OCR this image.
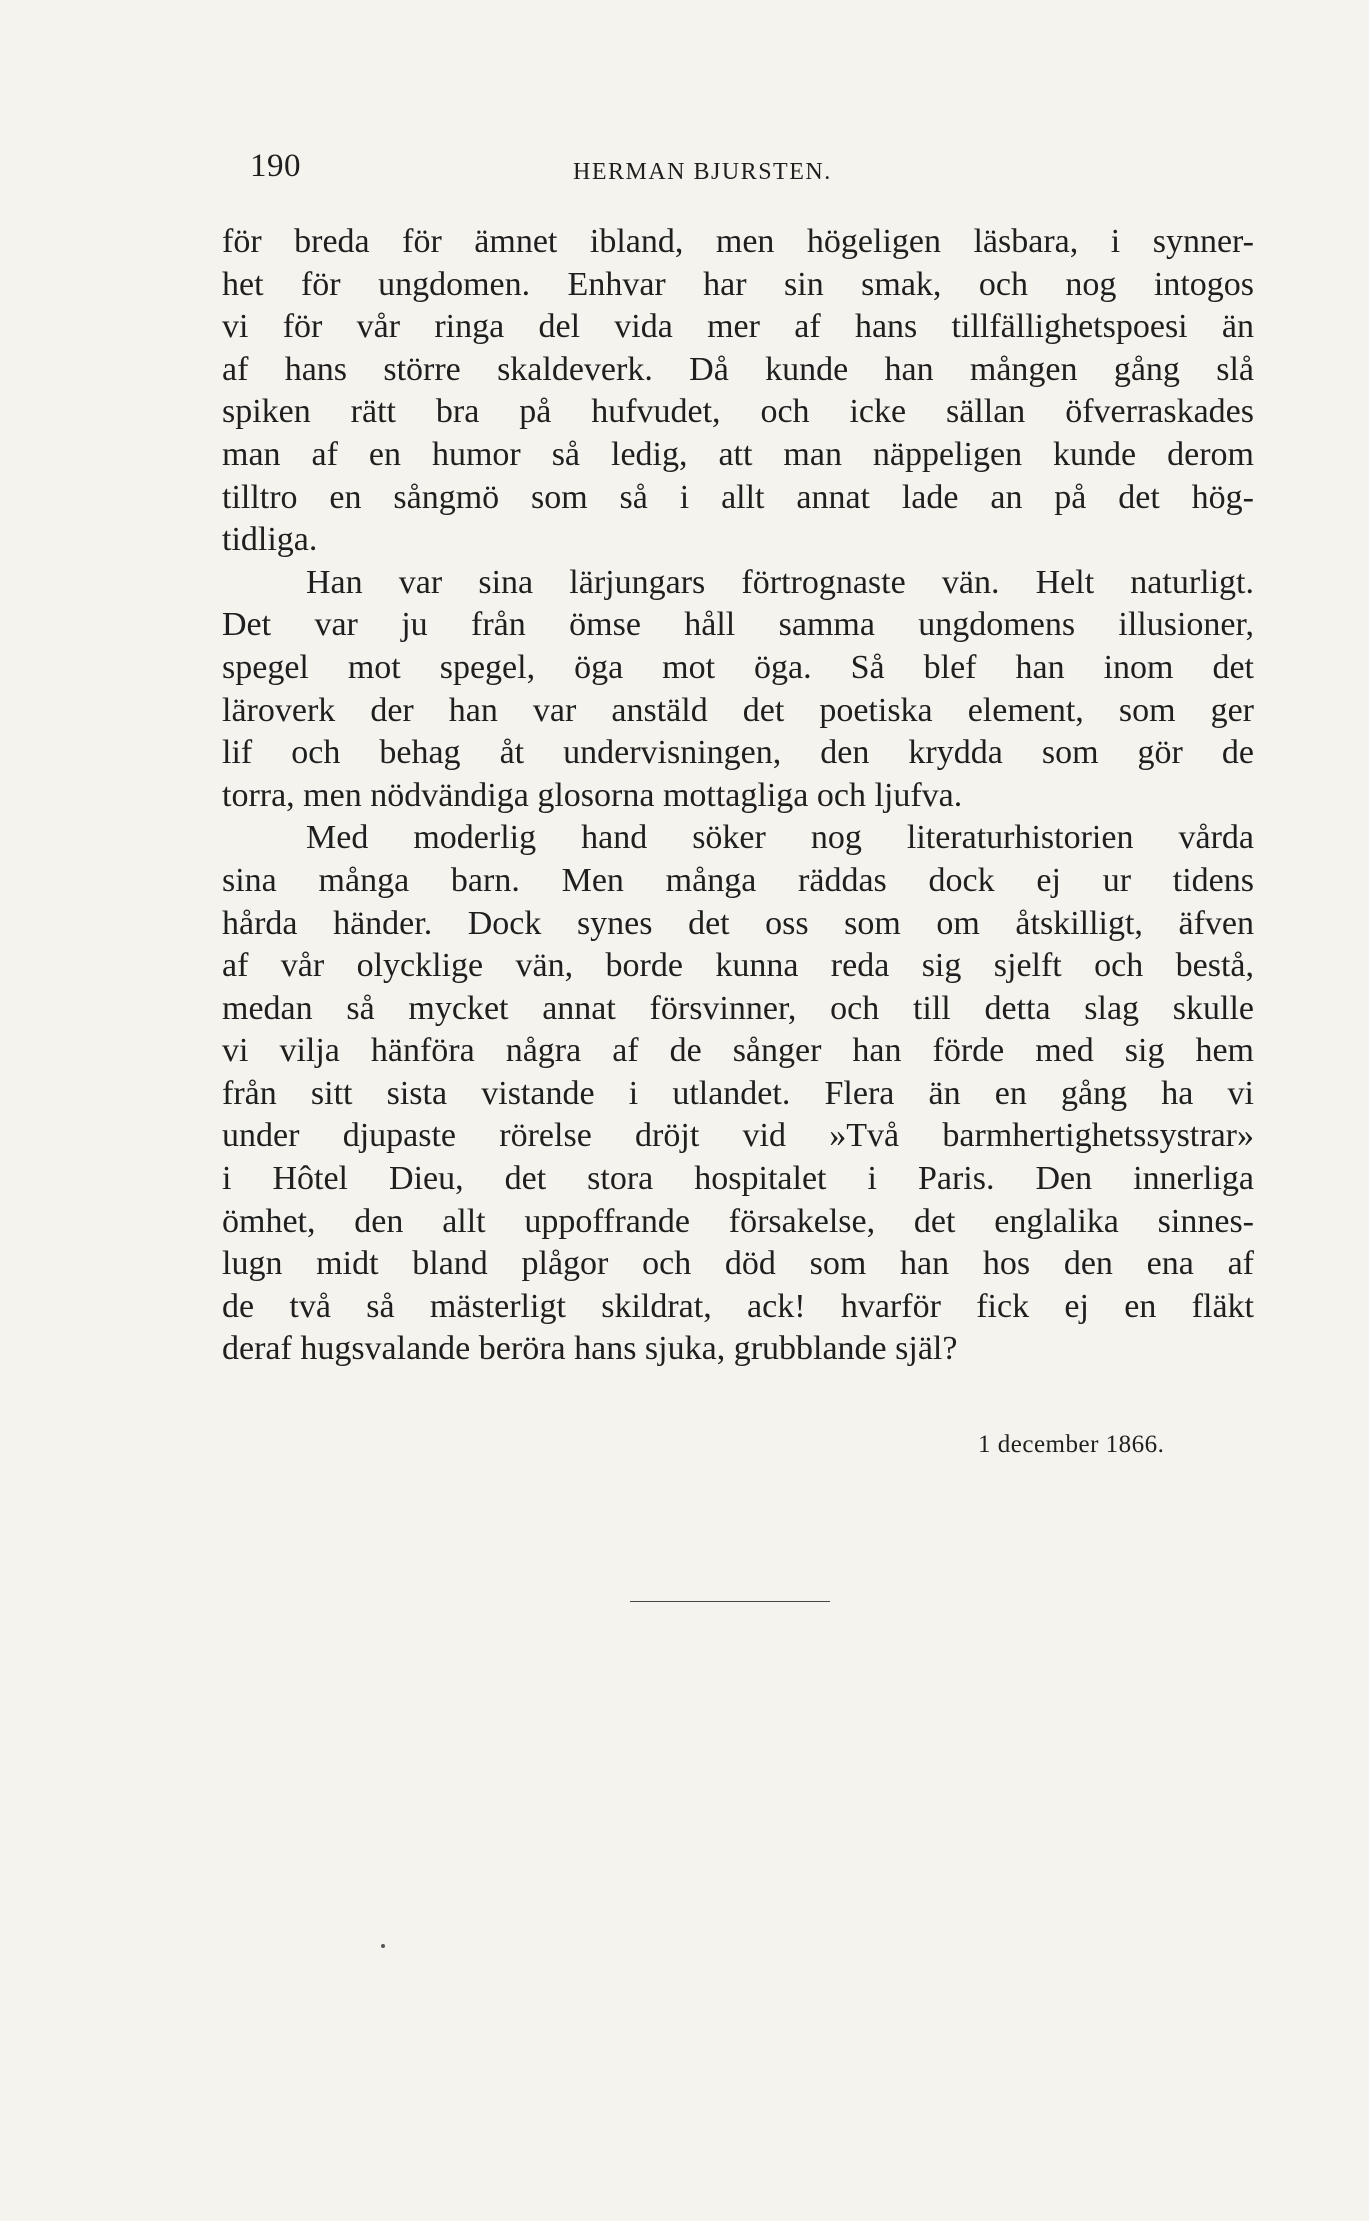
190	HERMAN BJURSTEN.
för breda för ämnet ibland, men högeligen läsbara, i synner-
het för ungdomen. Enhvar har sin smak, och nog intogos
vi för vår ringa del vida mer af hans tillfällighetspoesi än
af hans större skaldeverk. Då kunde han mången gång slå
spiken rätt bra på hufvudet, och icke sällan öfverraskades
man af en humor så ledig, att man näppeligen kunde derom
tilltro en sångmö som så i allt annat lade an på det hög-
tidliga.
Han var sina lärjungars förtrognaste vän. Helt naturligt.
Det var ju från ömse håll samma ungdomens illusioner,
spegel mot spegel, öga mot öga. Så blef han inom det
läroverk der han var anstäld det poetiska element, som ger
lif och behag åt undervisningen, den krydda som gör de
torra, men nödvändiga glosorna mottagliga och ljufva.
Med moderlig hand söker nog literaturhistorien vårda
sina många barn. Men många räddas dock ej ur tidens
hårda händer. Dock synes det oss som om åtskilligt, äfven
af vår olycklige vän, borde kunna reda sig sjelft och bestå,
medan så mycket annat försvinner, och till detta slag skulle
vi vilja hänföra några af de sånger han förde med sig hem
från sitt sista vistande i utlandet. Flera än en gång ha vi
under djupaste rörelse dröjt vid »Två barmhertighetssystrar»
i Hôtel Dieu, det stora hospitalet i Paris. Den innerliga
ömhet, den allt uppoffrande försakelse, det englalika sinnes-
lugn midt bland plågor och död som han hos den ena af
de två så mästerligt skildrat, ack! hvarför fick ej en fläkt
deraf hugsvalande beröra hans sjuka, grubblande själ?
1 december 1866.
